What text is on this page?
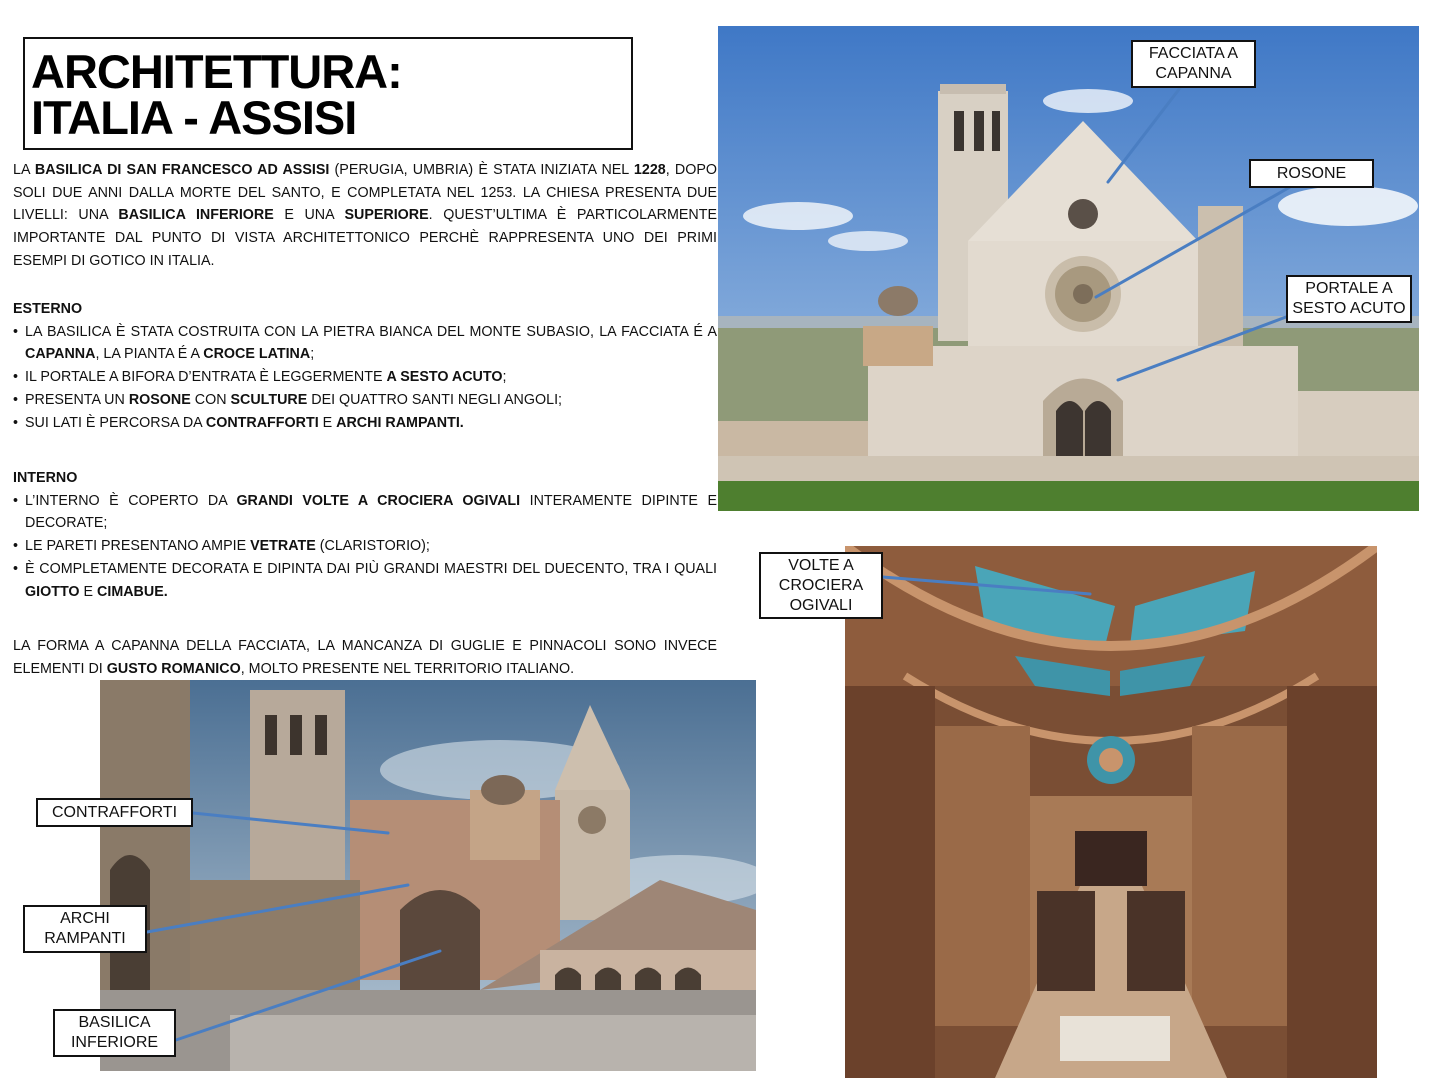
ARCHITETTURA:
ITALIA - ASSISI

LA BASILICA DI SAN FRANCESCO AD ASSISI (PERUGIA, UMBRIA) È STATA INIZIATA NEL 1228, DOPO SOLI DUE ANNI DALLA MORTE DEL SANTO, E COMPLETATA NEL 1253. LA CHIESA PRESENTA DUE LIVELLI: UNA BASILICA INFERIORE E UNA SUPERIORE. QUEST’ULTIMA È PARTICOLARMENTE IMPORTANTE DAL PUNTO DI VISTA ARCHITETTONICO PERCHÈ RAPPRESENTA UNO DEI PRIMI ESEMPI DI GOTICO IN ITALIA.

ESTERNO

• LA BASILICA È STATA COSTRUITA CON LA PIETRA BIANCA DEL MONTE SUBASIO, LA FACCIATA É A CAPANNA, LA PIANTA É A CROCE LATINA;
• IL PORTALE A BIFORA D’ENTRATA È LEGGERMENTE A SESTO ACUTO;
• PRESENTA UN ROSONE CON SCULTURE DEI QUATTRO SANTI NEGLI ANGOLI;
• SUI LATI È PERCORSA DA CONTRAFFORTI E ARCHI RAMPANTI.

INTERNO

• L’INTERNO È COPERTO DA GRANDI VOLTE A CROCIERA OGIVALI INTERAMENTE DIPINTE E DECORATE;
• LE PARETI PRESENTANO AMPIE VETRATE (CLARISTORIO);
• È COMPLETAMENTE DECORATA E DIPINTA DAI PIÙ GRANDI MAESTRI DEL DUECENTO, TRA I QUALI GIOTTO E CIMABUE.

LA FORMA A CAPANNA DELLA FACCIATA, LA MANCANZA DI GUGLIE E PINNACOLI SONO INVECE ELEMENTI DI GUSTO ROMANICO, MOLTO PRESENTE NEL TERRITORIO ITALIANO.

FACCIATA A
CAPANNA
ROSONE
PORTALE A
SESTO ACUTO
VOLTE A
CROCIERA
OGIVALI
CONTRAFFORTI
ARCHI
RAMPANTI
BASILICA
INFERIORE
